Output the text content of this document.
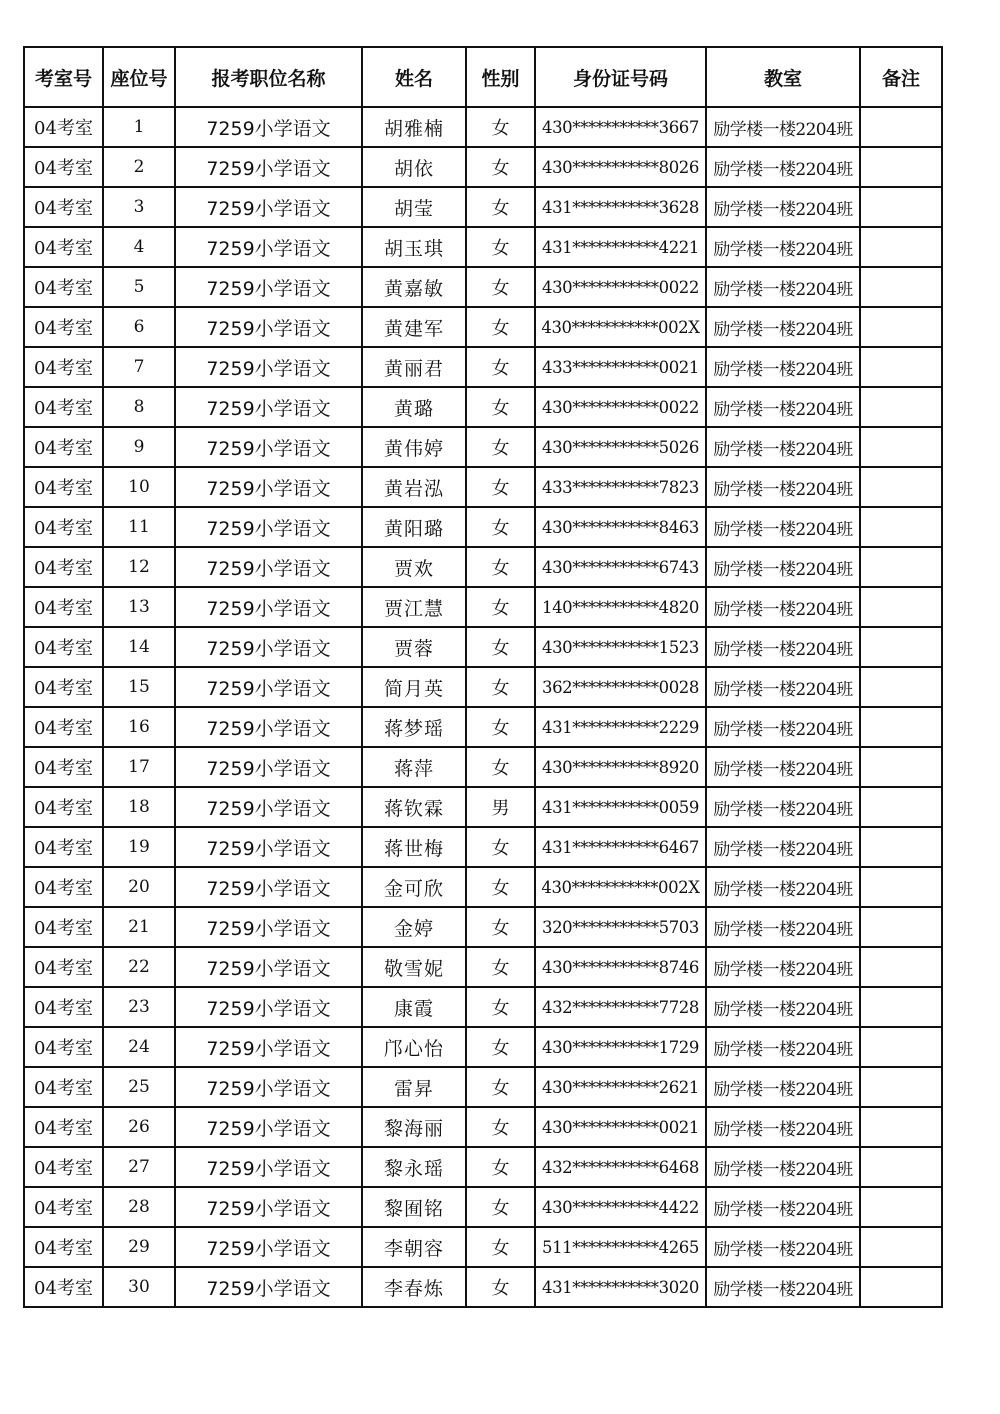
考室号	座位号	报考职位名称	姓名	性别	身份证号码	教室	备注
04考室	1	7259小学语文	胡雅楠	女	430***********3667	励学楼一楼2204班	
04考室	2	7259小学语文	胡依	女	430***********8026	励学楼一楼2204班	
04考室	3	7259小学语文	胡莹	女	431***********3628	励学楼一楼2204班	
04考室	4	7259小学语文	胡玉琪	女	431***********4221	励学楼一楼2204班	
04考室	5	7259小学语文	黄嘉敏	女	430***********0022	励学楼一楼2204班	
04考室	6	7259小学语文	黄建军	女	430***********002X	励学楼一楼2204班	
04考室	7	7259小学语文	黄丽君	女	433***********0021	励学楼一楼2204班	
04考室	8	7259小学语文	黄璐	女	430***********0022	励学楼一楼2204班	
04考室	9	7259小学语文	黄伟婷	女	430***********5026	励学楼一楼2204班	
04考室	10	7259小学语文	黄岩泓	女	433***********7823	励学楼一楼2204班	
04考室	11	7259小学语文	黄阳璐	女	430***********8463	励学楼一楼2204班	
04考室	12	7259小学语文	贾欢	女	430***********6743	励学楼一楼2204班	
04考室	13	7259小学语文	贾江慧	女	140***********4820	励学楼一楼2204班	
04考室	14	7259小学语文	贾蓉	女	430***********1523	励学楼一楼2204班	
04考室	15	7259小学语文	简月英	女	362***********0028	励学楼一楼2204班	
04考室	16	7259小学语文	蒋梦瑶	女	431***********2229	励学楼一楼2204班	
04考室	17	7259小学语文	蒋萍	女	430***********8920	励学楼一楼2204班	
04考室	18	7259小学语文	蒋钦霖	男	431***********0059	励学楼一楼2204班	
04考室	19	7259小学语文	蒋世梅	女	431***********6467	励学楼一楼2204班	
04考室	20	7259小学语文	金可欣	女	430***********002X	励学楼一楼2204班	
04考室	21	7259小学语文	金婷	女	320***********5703	励学楼一楼2204班	
04考室	22	7259小学语文	敬雪妮	女	430***********8746	励学楼一楼2204班	
04考室	23	7259小学语文	康霞	女	432***********7728	励学楼一楼2204班	
04考室	24	7259小学语文	邝心怡	女	430***********1729	励学楼一楼2204班	
04考室	25	7259小学语文	雷昇	女	430***********2621	励学楼一楼2204班	
04考室	26	7259小学语文	黎海丽	女	430***********0021	励学楼一楼2204班	
04考室	27	7259小学语文	黎永瑶	女	432***********6468	励学楼一楼2204班	
04考室	28	7259小学语文	黎囿铭	女	430***********4422	励学楼一楼2204班	
04考室	29	7259小学语文	李朝容	女	511***********4265	励学楼一楼2204班	
04考室	30	7259小学语文	李春炼	女	431***********3020	励学楼一楼2204班	
